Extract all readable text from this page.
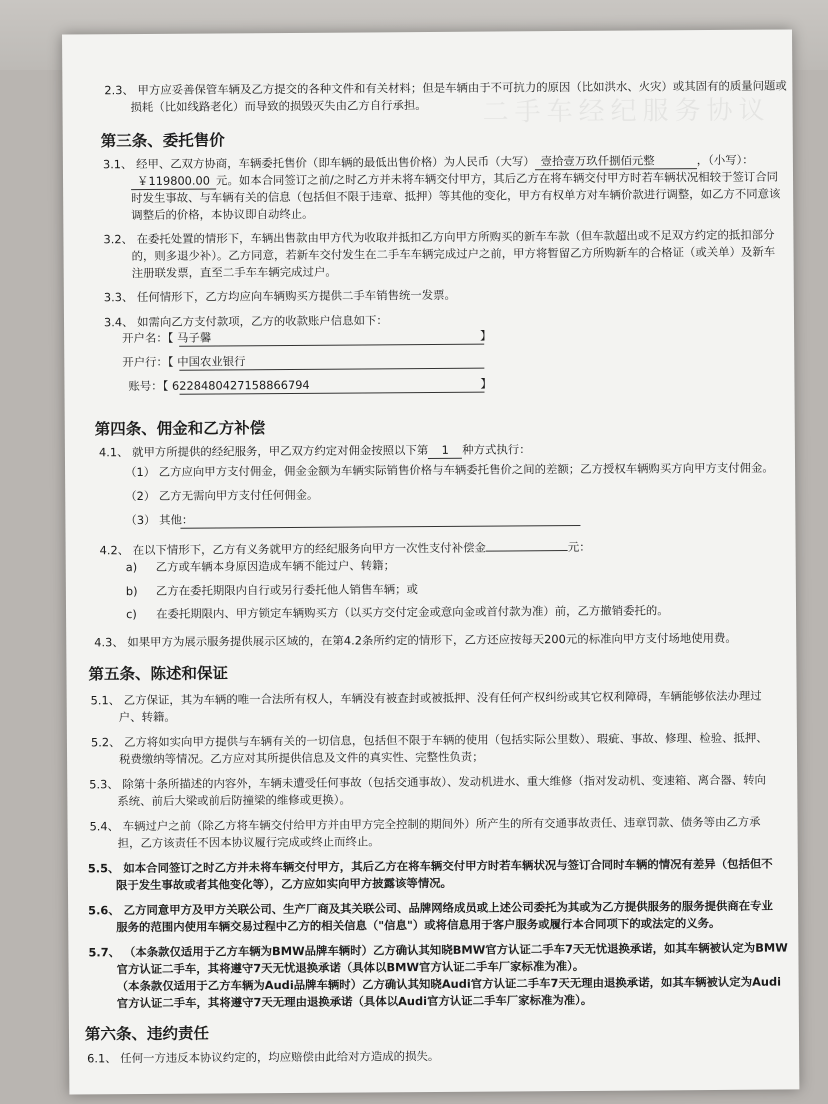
二手车经纪服务协议
2.3、 甲方应妥善保管车辆及乙方提交的各种文件和有关材料；但是车辆由于不可抗力的原因（比如洪水、火灾）或其固有的质量问题或
损耗（比如线路老化）而导致的损毁灭失由乙方自行承担。
第三条、委托售价
3.1、 经甲、乙双方协商，车辆委托售价（即车辆的最低出售价格）为人民币（大写） 壹拾壹万玖仟捌佰元整	，（小写）：
￥119800.00 元。如本合同签订之前/之时乙方并未将车辆交付甲方，其后乙方在将车辆交付甲方时若车辆状况相较于签订合同
时发生事故、与车辆有关的信息（包括但不限于违章、抵押）等其他的变化，甲方有权单方对车辆价款进行调整，如乙方不同意该
调整后的价格，本协议即自动终止。
3.2、 在委托处置的情形下，车辆出售款由甲方代为收取并抵扣乙方向甲方所购买的新车车款（但车款超出或不足双方约定的抵扣部分
的，则多退少补）。乙方同意，若新车交付发生在二手车车辆完成过户之前，甲方将暂留乙方所购新车的合格证（或关单）及新车
注册联发票，直至二手车车辆完成过户。
3.3、 任何情形下，乙方均应向车辆购买方提供二手车销售统一发票。
3.4、 如需向乙方支付款项，乙方的收款账户信息如下：
开户名：【 马子馨	】
开户行：【 中国农业银行
账号：【 6228480427158866794	】
第四条、佣金和乙方补偿
4.1、 就甲方所提供的经纪服务，甲乙双方约定对佣金按照以下第 1 种方式执行：
（1） 乙方应向甲方支付佣金，佣金金额为车辆实际销售价格与车辆委托售价之间的差额；乙方授权车辆购买方向甲方支付佣金。
（2） 乙方无需向甲方支付任何佣金。
（3） 其他：
4.2、 在以下情形下，乙方有义务就甲方的经纪服务向甲方一次性支付补偿金	元：
a) 乙方或车辆本身原因造成车辆不能过户、转籍；
b) 乙方在委托期限内自行或另行委托他人销售车辆；或
c) 在委托期限内、甲方锁定车辆购买方（以买方交付定金或意向金或首付款为准）前，乙方撤销委托的。
4.3、 如果甲方为展示服务提供展示区域的，在第4.2条所约定的情形下，乙方还应按每天200元的标准向甲方支付场地使用费。
第五条、陈述和保证
5.1、 乙方保证，其为车辆的唯一合法所有权人，车辆没有被查封或被抵押、没有任何产权纠纷或其它权利障碍，车辆能够依法办理过
户、转籍。
5.2、 乙方将如实向甲方提供与车辆有关的一切信息，包括但不限于车辆的使用（包括实际公里数）、瑕疵、事故、修理、检验、抵押、
税费缴纳等情况。乙方应对其所提供信息及文件的真实性、完整性负责；
5.3、 除第十条所描述的内容外，车辆未遭受任何事故（包括交通事故）、发动机进水、重大维修（指对发动机、变速箱、离合器、转向
系统、前后大梁或前后防撞梁的维修或更换）。
5.4、 车辆过户之前（除乙方将车辆交付给甲方并由甲方完全控制的期间外）所产生的所有交通事故责任、违章罚款、债务等由乙方承
担，乙方该责任不因本协议履行完成或终止而终止。
5.5、 如本合同签订之时乙方并未将车辆交付甲方，其后乙方在将车辆交付甲方时若车辆状况与签订合同时车辆的情况有差异（包括但不
限于发生事故或者其他变化等），乙方应如实向甲方披露该等情况。
5.6、 乙方同意甲方及甲方关联公司、生产厂商及其关联公司、品牌网络成员或上述公司委托为其或为乙方提供服务的服务提供商在专业
服务的范围内使用车辆交易过程中乙方的相关信息（"信息"）或将信息用于客户服务或履行本合同项下的或法定的义务。
5.7、 （本条款仅适用于乙方车辆为BMW品牌车辆时）乙方确认其知晓BMW官方认证二手车7天无忧退换承诺，如其车辆被认定为BMW
官方认证二手车，其将遵守7天无忧退换承诺（具体以BMW官方认证二手车厂家标准为准）。
（本条款仅适用于乙方车辆为Audi品牌车辆时）乙方确认其知晓Audi官方认证二手车7天无理由退换承诺，如其车辆被认定为Audi
官方认证二手车，其将遵守7天无理由退换承诺（具体以Audi官方认证二手车厂家标准为准）。
第六条、违约责任
6.1、 任何一方违反本协议约定的，均应赔偿由此给对方造成的损失。
